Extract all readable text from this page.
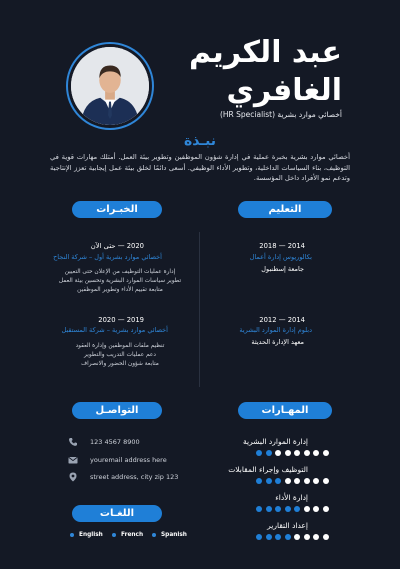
عبد الكريم
الغافري
أخصائي موارد بشرية (HR Specialist)
نبـذة
أخصائي موارد بشرية بخبرة عملية في إدارة شؤون الموظفين وتطوير بيئة العمل. أمتلك مهارات قوية في التوظيف، بناء السياسات الداخلية، وتطوير الأداء الوظيفي. أسعى دائمًا لخلق بيئة عمل إيجابية تعزز الإنتاجية وتدعم نمو الأفراد داخل المؤسسة.
الخبـرات	التعليم
2020 — حتى الآن
أخصائي موارد بشرية أول – شركة النجاح
إدارة عمليات التوظيف من الإعلان حتى التعيين
تطوير سياسات الموارد البشرية وتحسين بيئة العمل
متابعة تقييم الأداء وتطوير الموظفين
2019 — 2020
أخصائي موارد بشرية – شركة المستقبل
تنظيم ملفات الموظفين وإدارة العقود
دعم عمليات التدريب والتطوير
متابعة شؤون الحضور والانصراف
2014 — 2018
بكالوريوس إدارة أعمال
جامعة إسطنبول
2014 — 2012
دبلوم إدارة الموارد البشرية
معهد الإدارة الحديثة
التواصـل	المهـارات
123 4567 8900
youremail address here
street address, city zip 123
إدارة الموارد البشرية
التوظيف وإجراء المقابلات
إدارة الأداء
إعداد التقارير
اللغـات
English	French	Spanish
